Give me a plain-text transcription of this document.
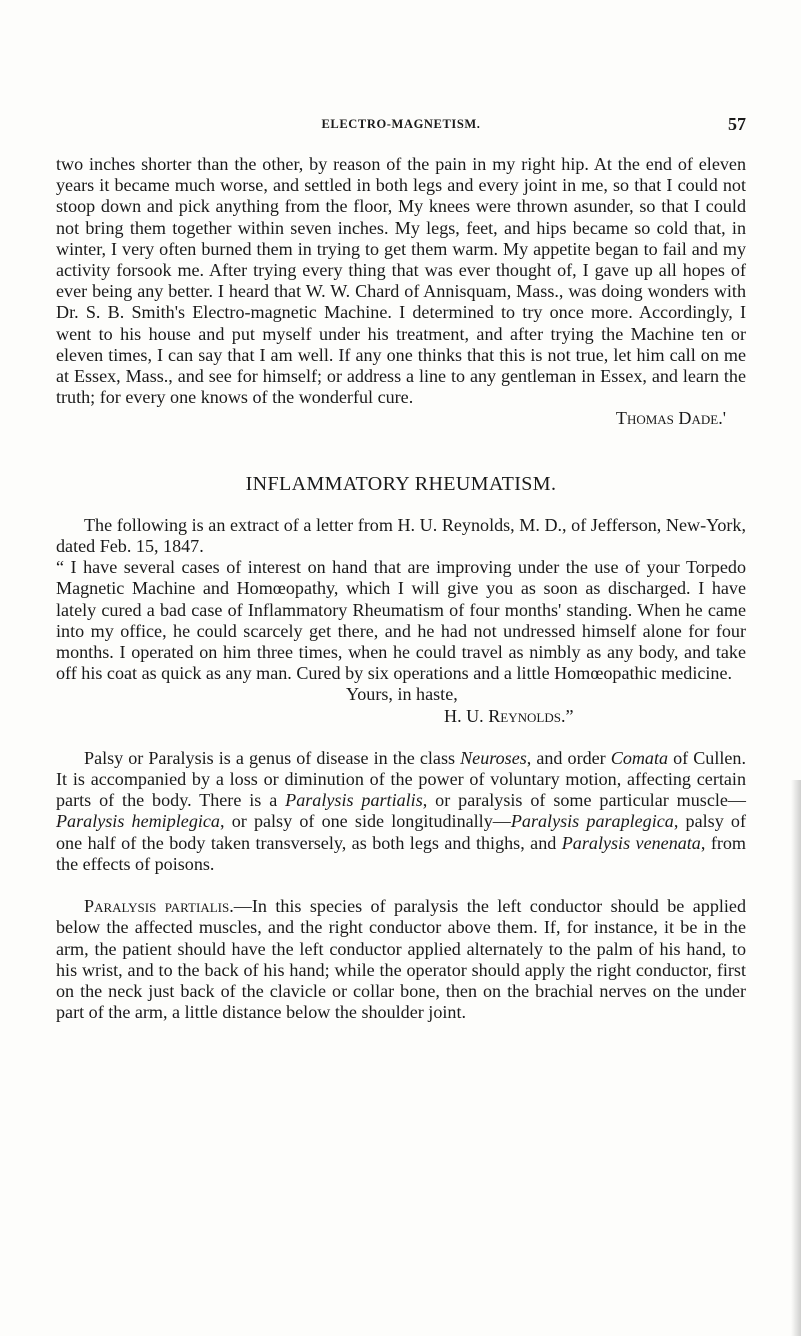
ELECTRO-MAGNETISM.	57

two inches shorter than the other, by reason of the pain in my right hip. At the end of eleven years it became much worse, and settled in both legs and every joint in me, so that I could not stoop down and pick anything from the floor, My knees were thrown asunder, so that I could not bring them together within seven inches. My legs, feet, and hips became so cold that, in winter, I very often burned them in trying to get them warm. My appetite began to fail and my activity forsook me. After trying every thing that was ever thought of, I gave up all hopes of ever being any better. I heard that W. W. Chard of Annisquam, Mass., was doing wonders with Dr. S. B. Smith's Electro-magnetic Machine. I determined to try once more. Accordingly, I went to his house and put myself under his treatment, and after trying the Machine ten or eleven times, I can say that I am well. If any one thinks that this is not true, let him call on me at Essex, Mass., and see for himself; or address a line to any gentleman in Essex, and learn the truth; for every one knows of the wonderful cure.

Thomas Dade.'

INFLAMMATORY RHEUMATISM.

The following is an extract of a letter from H. U. Reynolds, M. D., of Jefferson, New-York, dated Feb. 15, 1847.

“ I have several cases of interest on hand that are improving under the use of your Torpedo Magnetic Machine and Homœopathy, which I will give you as soon as discharged. I have lately cured a bad case of Inflammatory Rheumatism of four months' standing. When he came into my office, he could scarcely get there, and he had not undressed himself alone for four months. I operated on him three times, when he could travel as nimbly as any body, and take off his coat as quick as any man. Cured by six operations and a little Homœopathic medicine.

Yours, in haste,

H. U. Reynolds.”

Palsy or Paralysis is a genus of disease in the class Neuroses, and order Comata of Cullen. It is accompanied by a loss or diminution of the power of voluntary motion, affecting certain parts of the body. There is a Paralysis partialis, or paralysis of some particular muscle—Paralysis hemiplegica, or palsy of one side longitudinally—Paralysis paraplegica, palsy of one half of the body taken transversely, as both legs and thighs, and Paralysis venenata, from the effects of poisons.

Paralysis partialis.—In this species of paralysis the left conductor should be applied below the affected muscles, and the right conductor above them. If, for instance, it be in the arm, the patient should have the left conductor applied alternately to the palm of his hand, to his wrist, and to the back of his hand; while the operator should apply the right conductor, first on the neck just back of the clavicle or collar bone, then on the brachial nerves on the under part of the arm, a little distance below the shoulder joint.
